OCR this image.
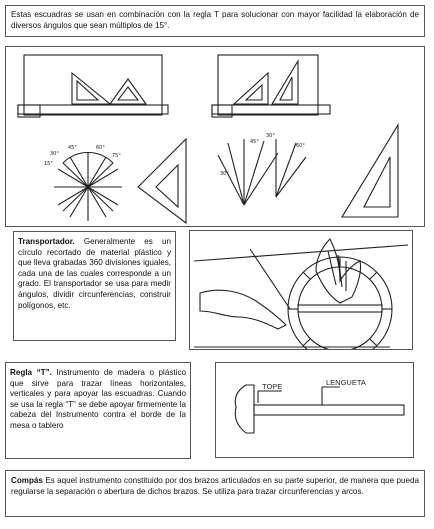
Estas escuadras se usan en combinación con la regla T para solucionar con mayor facilidad la elaboración de diversos ángulos que sean múltiplos de 15°.
15°
30°
45°	60°
75°
30°
45°
30°
60°
Transportador. Generalmente es un círculo recortado de material plástico y que lleva grabadas 360 divisiones iguales, cada una de las cuales corresponde a un grado. El transportador se usa para medir ángulos, dividir circunferencias, construir polígonos, etc.
Regla “T”. Instrumento de madera o plástico que sirve para trazar líneas horizontales, verticales y para apoyar las escuadras. Cuando se usa la regla “T” se debe apoyar firmemente la cabeza del Instrumento contra el borde de la mesa o tablero
TOPE	LENGUETA
Compás Es aquel instrumento constituido por dos brazos articulados en su parte superior, de manera que pueda regularse la separación o abertura de dichos brazos. Se utiliza para trazar circunferencias y arcos.
